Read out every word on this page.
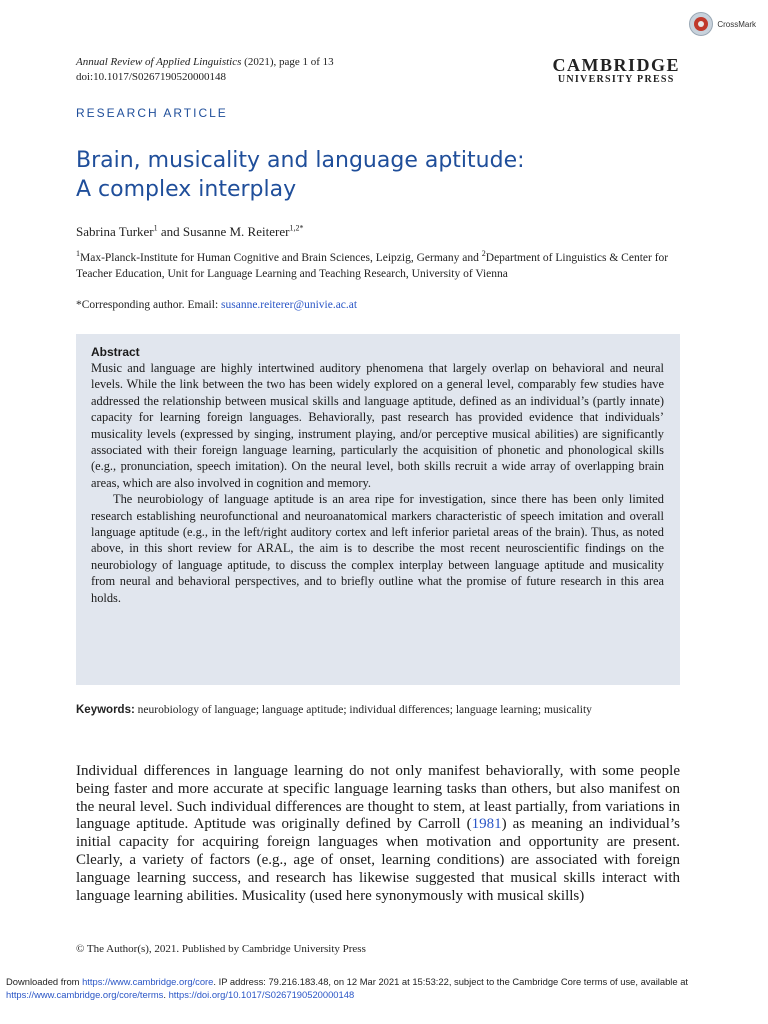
Annual Review of Applied Linguistics (2021), page 1 of 13
doi:10.1017/S0267190520000148
CrossMark
CAMBRIDGE
UNIVERSITY PRESS
RESEARCH ARTICLE
Brain, musicality and language aptitude:
A complex interplay
Sabrina Turker$^1$ and Susanne M. Reiterer$^{1,2*}$
$^1$Max-Planck-Institute for Human Cognitive and Brain Sciences, Leipzig, Germany and $^2$Department of Linguistics & Center for Teacher Education, Unit for Language Learning and Teaching Research, University of Vienna
*Corresponding author. Email: susanne.reiterer@univie.ac.at
Abstract

Music and language are highly intertwined auditory phenomena that largely overlap on behavioral and neural levels. While the link between the two has been widely explored on a general level, comparably few studies have addressed the relationship between musical skills and language aptitude, defined as an individual’s (partly innate) capacity for learning foreign languages. Behaviorally, past research has provided evidence that individuals’ musicality levels (expressed by singing, instrument playing, and/or perceptive musical abilities) are significantly associated with their foreign language learning, particularly the acquisition of phonetic and phonological skills (e.g., pronunciation, speech imitation). On the neural level, both skills recruit a wide array of overlapping brain areas, which are also involved in cognition and memory.

The neurobiology of language aptitude is an area ripe for investigation, since there has been only limited research establishing neurofunctional and neuroanatomical markers characteristic of speech imitation and overall language aptitude (e.g., in the left/right auditory cortex and left inferior parietal areas of the brain). Thus, as noted above, in this short review for ARAL, the aim is to describe the most recent neuroscientific findings on the neurobiology of language aptitude, to discuss the complex interplay between language aptitude and musicality from neural and behavioral perspectives, and to briefly outline what the promise of future research in this area holds.

Keywords: neurobiology of language; language aptitude; individual differences; language learning; musicality

Individual differences in language learning do not only manifest behaviorally, with some people being faster and more accurate at specific language learning tasks than others, but also manifest on the neural level. Such individual differences are thought to stem, at least partially, from variations in language aptitude. Aptitude was originally defined by Carroll (1981) as meaning an individual’s initial capacity for acquiring foreign languages when motivation and opportunity are present. Clearly, a variety of factors (e.g., age of onset, learning conditions) are associated with foreign language learning success, and research has likewise suggested that musical skills interact with language learning abilities. Musicality (used here synonymously with musical skills)

© The Author(s), 2021. Published by Cambridge University Press
Downloaded from https://www.cambridge.org/core. IP address: 79.216.183.48, on 12 Mar 2021 at 15:53:22, subject to the Cambridge Core terms of use, available at https://www.cambridge.org/core/terms. https://doi.org/10.1017/S0267190520000148
